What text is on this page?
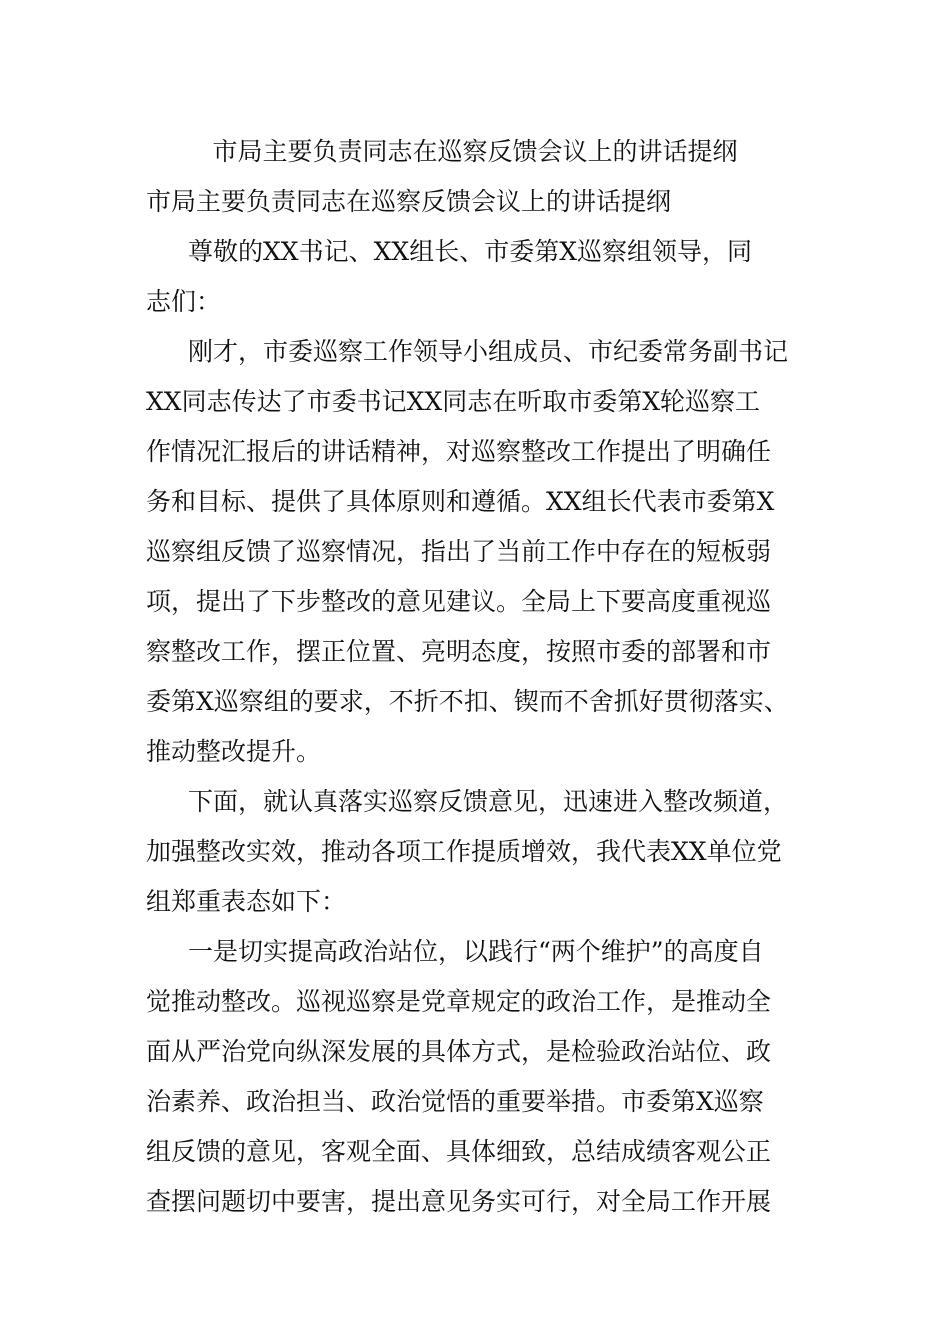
市局主要负责同志在巡察反馈会议上的讲话提纲
市局主要负责同志在巡察反馈会议上的讲话提纲
尊敬的XX书记、XX组长、市委第X巡察组领导，同
志们：
刚才，市委巡察工作领导小组成员、市纪委常务副书记
XX同志传达了市委书记XX同志在听取市委第X轮巡察工
作情况汇报后的讲话精神，对巡察整改工作提出了明确任
务和目标、提供了具体原则和遵循。XX组长代表市委第X
巡察组反馈了巡察情况，指出了当前工作中存在的短板弱
项，提出了下步整改的意见建议。全局上下要高度重视巡
察整改工作，摆正位置、亮明态度，按照市委的部署和市
委第X巡察组的要求，不折不扣、锲而不舍抓好贯彻落实、
推动整改提升。
下面，就认真落实巡察反馈意见，迅速进入整改频道，
加强整改实效，推动各项工作提质增效，我代表XX单位党
组郑重表态如下：
一是切实提高政治站位，以践行“两个维护”的高度自
觉推动整改。巡视巡察是党章规定的政治工作，是推动全
面从严治党向纵深发展的具体方式，是检验政治站位、政
治素养、政治担当、政治觉悟的重要举措。市委第X巡察
组反馈的意见，客观全面、具体细致，总结成绩客观公正
查摆问题切中要害，提出意见务实可行，对全局工作开展
